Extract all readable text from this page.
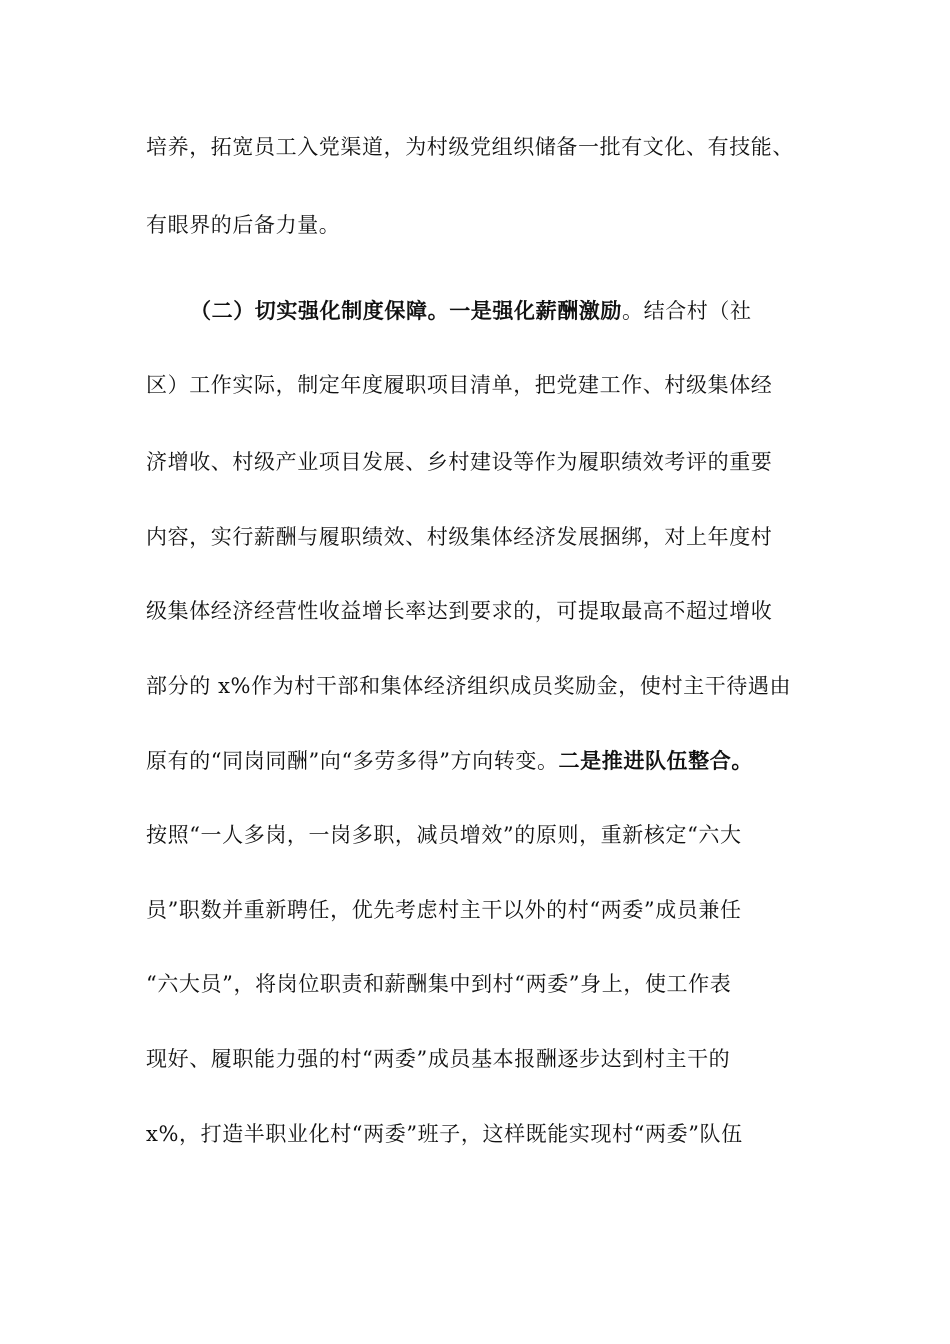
培养，拓宽员工入党渠道，为村级党组织储备一批有文化、有技能、
有眼界的后备力量。
（二）切实强化制度保障。一是强化薪酬激励。结合村（社
区）工作实际，制定年度履职项目清单，把党建工作、村级集体经
济增收、村级产业项目发展、乡村建设等作为履职绩效考评的重要
内容，实行薪酬与履职绩效、村级集体经济发展捆绑，对上年度村
级集体经济经营性收益增长率达到要求的，可提取最高不超过增收
部分的 x%作为村干部和集体经济组织成员奖励金，使村主干待遇由
原有的“同岗同酬”向“多劳多得”方向转变。二是推进队伍整合。
按照“一人多岗，一岗多职，减员增效”的原则，重新核定“六大
员”职数并重新聘任，优先考虑村主干以外的村“两委”成员兼任
“六大员”，将岗位职责和薪酬集中到村“两委”身上，使工作表
现好、履职能力强的村“两委”成员基本报酬逐步达到村主干的
x%，打造半职业化村“两委”班子，这样既能实现村“两委”队伍
